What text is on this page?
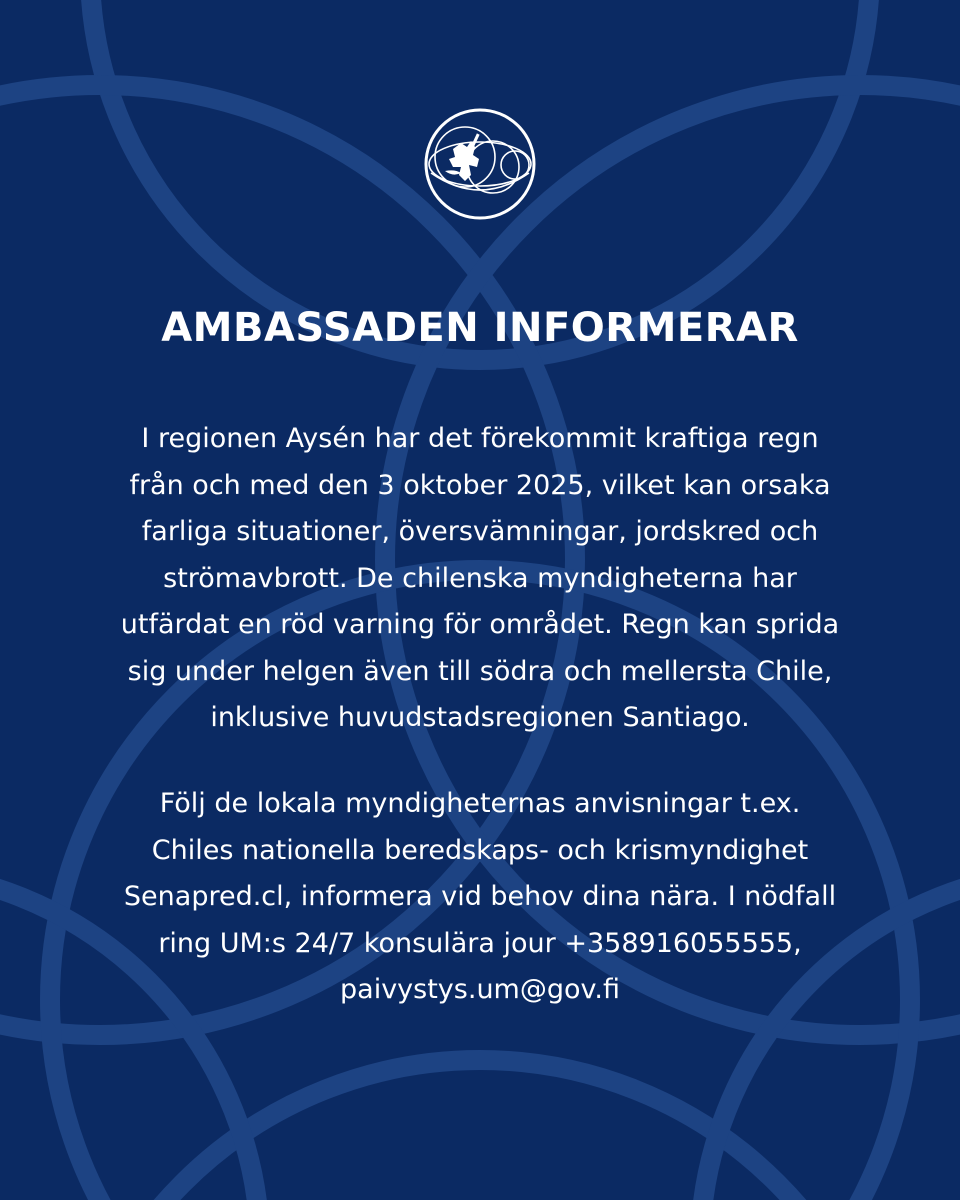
AMBASSADEN INFORMERAR

I regionen Aysén har det förekommit kraftiga regn
från och med den 3 oktober 2025, vilket kan orsaka
farliga situationer, översvämningar, jordskred och
strömavbrott. De chilenska myndigheterna har
utfärdat en röd varning för området. Regn kan sprida
sig under helgen även till södra och mellersta Chile,
inklusive huvudstadsregionen Santiago.

Följ de lokala myndigheternas anvisningar t.ex.
Chiles nationella beredskaps- och krismyndighet
Senapred.cl, informera vid behov dina nära. I nödfall
ring UM:s 24/7 konsulära jour +358916055555,
paivystys.um@gov.fi
